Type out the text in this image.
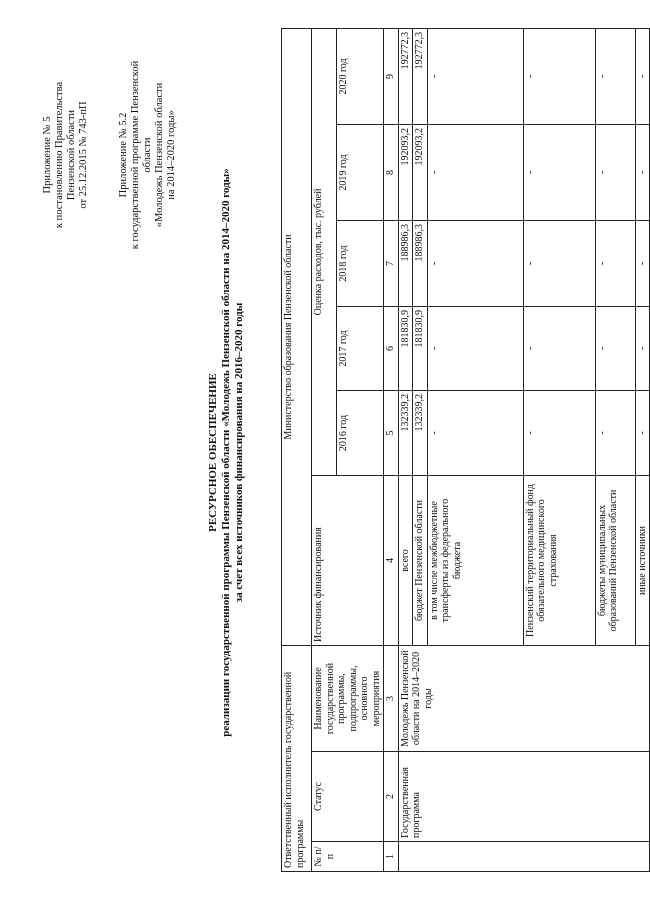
Приложение № 5 к постановлению Правительства Пензенской области от 25.12.2015 № 743-пП	Приложение № 5.2 к государственной программе Пензенской области «Молодежь Пензенской области на 2014–2020 годы»
РЕСУРСНОЕ ОБЕСПЕЧЕНИЕ реализации государственной программы Пензенской области «Молодежь Пензенской области на 2014–2020 годы» за счет всех источников финансирования на 2016–2020 годы
Ответственный исполнитель государственной программы			Министерство образования Пензенской области					
№ п/п	Статус	Наименование государственной программы, подпрограммы, основного мероприятия	Источник финансирования	Оценка расходов, тыс. рублей				
				2016 год	2017 год	2018 год	2019 год	2020 год
1	2	3	4	5	6	7	8	9
	Государственная программа	Молодежь Пензенской области на 2014–2020 годы	всего	132339,2	181830,9	188986,3	192093,2	192772,3
			бюджет Пензенской области	132339,2	181830,9	188986,3	192093,2	192772,3
			в том числе межбюджетные трансферты из федерального бюджета	-	-	-	-	-
			Пензенский территориальный фонд обязательного медицинского страхования	-	-	-	-	-
			бюджеты муниципальных образований Пензенской области	-	-	-	-	-
			иные источники	-	-	-	-	-
